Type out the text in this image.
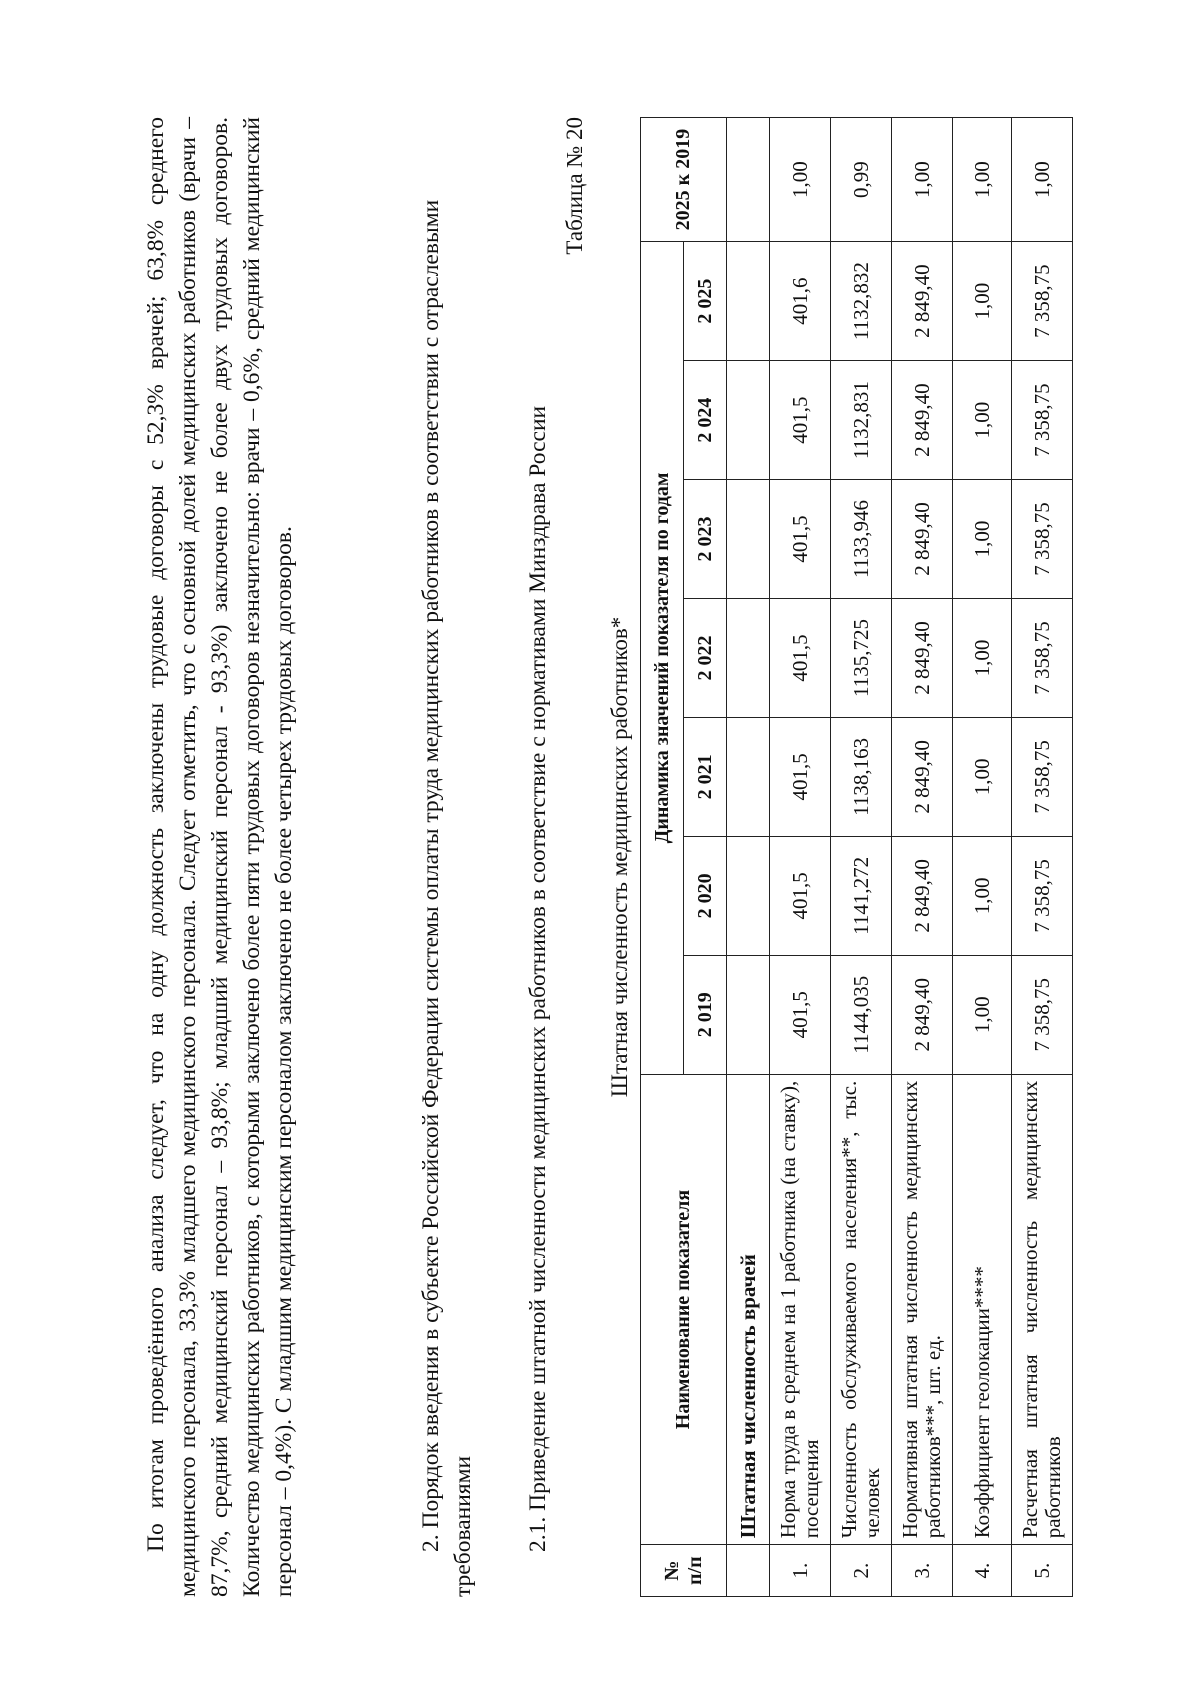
По итогам проведённого анализа следует, что на одну должность заключены трудовые договоры с 52,3% врачей; 63,8% среднего медицинского персонала, 33,3% младшего медицинского персонала. Следует отметить, что с основной долей медицинских работников (врачи – 87,7%, средний медицинский персонал – 93,8%; младший медицинский персонал - 93,3%) заключено не более двух трудовых договоров. Количество медицинских работников, с которыми заключено более пяти трудовых договоров незначительно: врачи – 0,6%, средний медицинский персонал – 0,4%). С младшим медицинским персоналом заключено не более четырех трудовых договоров.	2. Порядок введения в субъекте Российской Федерации системы оплаты труда медицинских работников в соответствии с отраслевыми требованиями 2.1. Приведение штатной численности медицинских работников в соответствие с нормативами Минздрава России

Таблица № 20

Штатная численность медицинских работников*

№ п/п	Наименование показателя	Динамика значений показателя по годам							2025 к 2019
		2 019	2 020	2 021	2 022	2 023	2 024	2 025	
	Штатная численность врачей								
1.	Норма труда в среднем на 1 работника (на ставку), посещения	401,5	401,5	401,5	401,5	401,5	401,5	401,6	1,00
2.	Численность обслуживаемого населения**, тыс. человек	1144,035	1141,272	1138,163	1135,725	1133,946	1132,831	1132,832	0,99
3.	Нормативная штатная численность медицинских работников***, шт. ед.	2 849,40	2 849,40	2 849,40	2 849,40	2 849,40	2 849,40	2 849,40	1,00
4.	Коэффициент геолокации****	1,00	1,00	1,00	1,00	1,00	1,00	1,00	1,00
5.	Расчетная штатная численность медицинских работников	7 358,75	7 358,75	7 358,75	7 358,75	7 358,75	7 358,75	7 358,75	1,00
